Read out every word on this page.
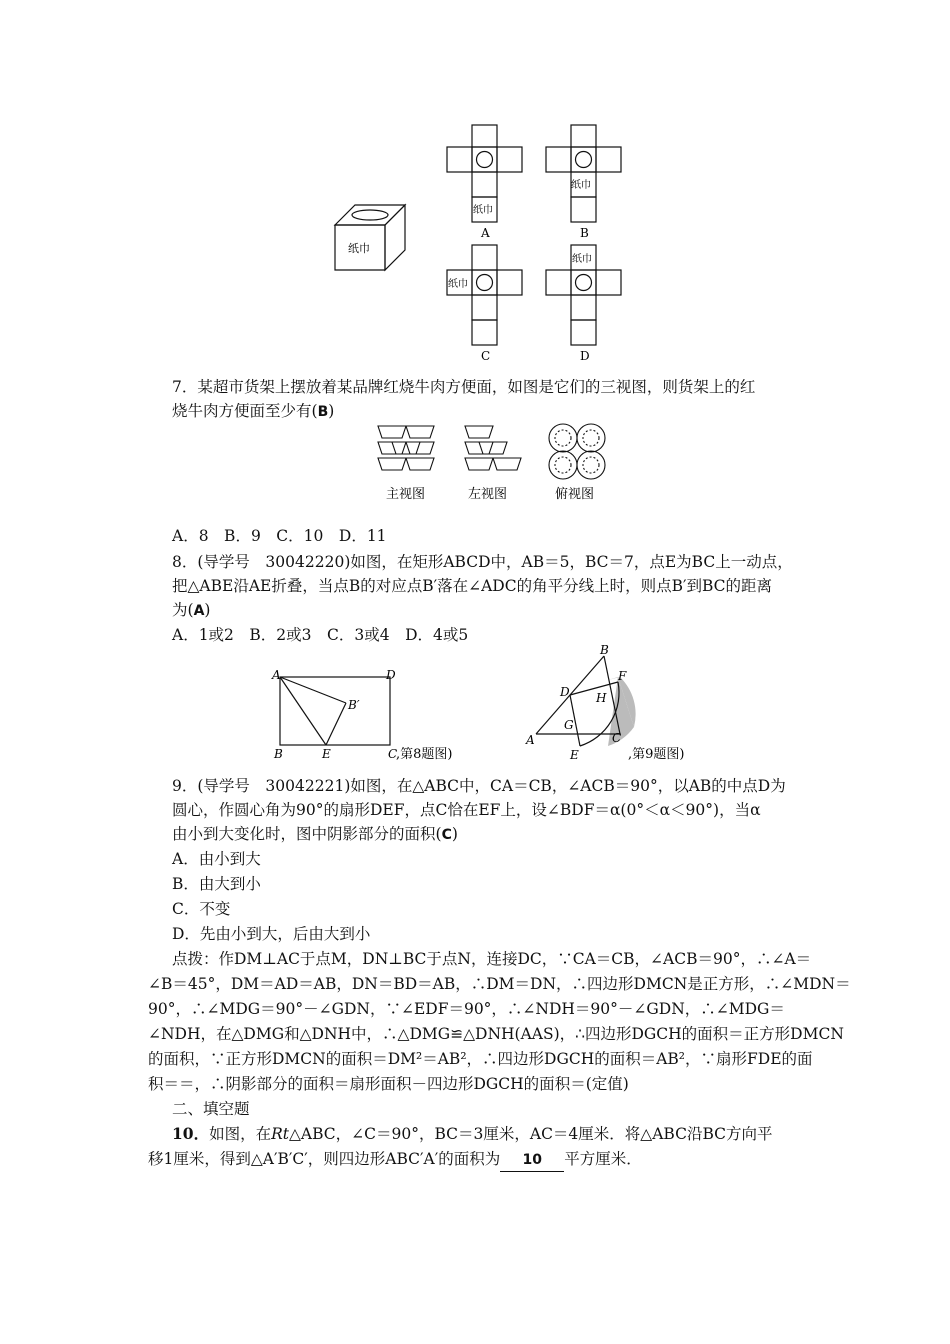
纸巾
纸巾
A
纸巾
B
纸巾
C
纸巾
D
7．某超市货架上摆放着某品牌红烧牛肉方便面，如图是它们的三视图，则货架上的红
烧牛肉方便面至少有(B)
主视图	左视图	俯视图
A．8　B．9　C．10　D．11
8．(导学号　30042220)如图，在矩形ABCD中，AB＝5，BC＝7，点E为BC上一动点，
把△ABE沿AE折叠，当点B的对应点B′落在∠ADC的角平分线上时，则点B′到BC的距离
为(A)
A．1或2　B．2或3　C．3或4　D．4或5
A	D
B′
B	E	C
,第8题图)
B
F
D H
G
A
E
C
,第9题图)
9．(导学号　30042221)如图，在△ABC中，CA＝CB，∠ACB＝90°，以AB的中点D为
圆心，作圆心角为90°的扇形DEF，点C恰在EF上，设∠BDF＝α(0°＜α＜90°)，当α
由小到大变化时，图中阴影部分的面积(C)
A．由小到大
B．由大到小
C．不变
D．先由小到大，后由大到小
点拨：作DM⊥AC于点M，DN⊥BC于点N，连接DC，∵CA＝CB，∠ACB＝90°，∴∠A＝
∠B＝45°，DM＝AD＝AB，DN＝BD＝AB，∴DM＝DN，∴四边形DMCN是正方形，∴∠MDN＝
90°，∴∠MDG＝90°－∠GDN，∵∠EDF＝90°，∴∠NDH＝90°－∠GDN，∴∠MDG＝
∠NDH，在△DMG和△DNH中，∴△DMG≌△DNH(AAS)，∴四边形DGCH的面积＝正方形DMCN
的面积，∵正方形DMCN的面积＝DM²＝AB²，∴四边形DGCH的面积＝AB²，∵扇形FDE的面
积＝＝，∴阴影部分的面积＝扇形面积－四边形DGCH的面积＝(定值)
二、填空题
10．如图，在Rt△ABC，∠C＝90°，BC＝3厘米，AC＝4厘米．将△ABC沿BC方向平
移1厘米，得到△A′B′C′，则四边形ABC′A′的面积为 10 平方厘米．
